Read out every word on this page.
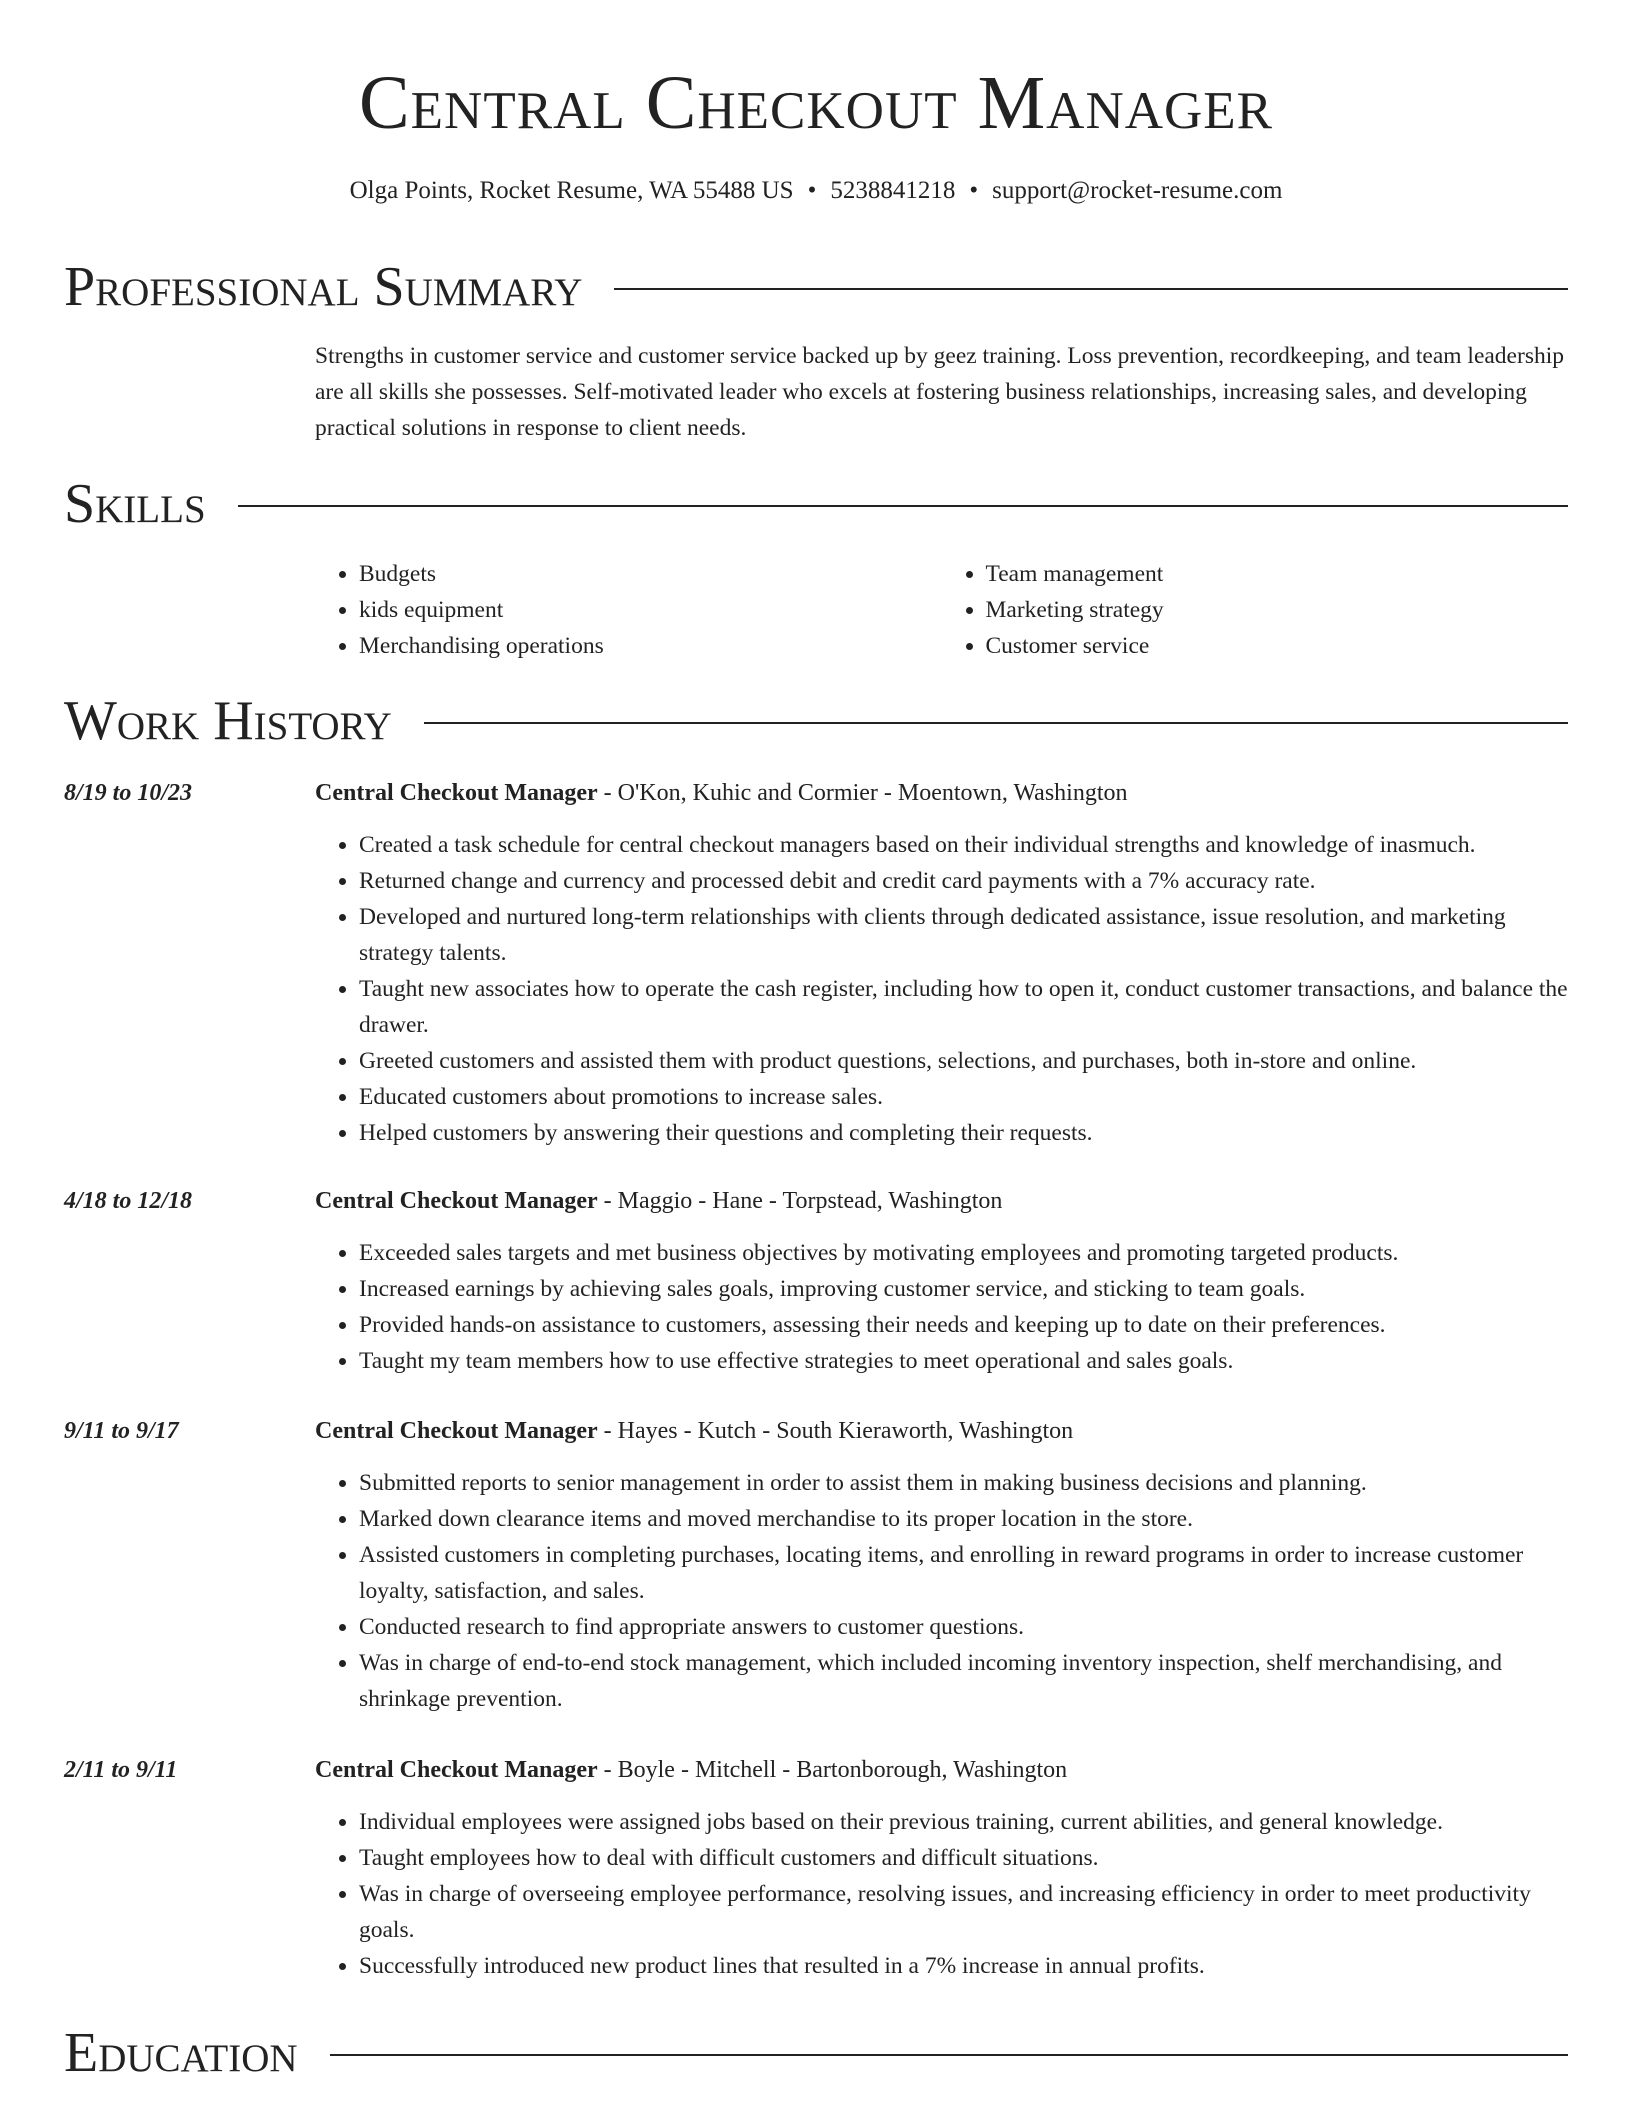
Central Checkout Manager
Olga Points, Rocket Resume, WA 55488 US • 5238841218 • support@rocket-resume.com
Professional Summary
Strengths in customer service and customer service backed up by geez training. Loss prevention, recordkeeping, and team leadership are all skills she possesses. Self-motivated leader who excels at fostering business relationships, increasing sales, and developing practical solutions in response to client needs.
Skills
• Budgets
• kids equipment
• Merchandising operations
• Team management
• Marketing strategy
• Customer service
Work History
8/19 to 10/23	Central Checkout Manager - O'Kon, Kuhic and Cormier - Moentown, Washington
• Created a task schedule for central checkout managers based on their individual strengths and knowledge of inasmuch.
• Returned change and currency and processed debit and credit card payments with a 7% accuracy rate.
• Developed and nurtured long-term relationships with clients through dedicated assistance, issue resolution, and marketing strategy talents.
• Taught new associates how to operate the cash register, including how to open it, conduct customer transactions, and balance the drawer.
• Greeted customers and assisted them with product questions, selections, and purchases, both in-store and online.
• Educated customers about promotions to increase sales.
• Helped customers by answering their questions and completing their requests.
4/18 to 12/18	Central Checkout Manager - Maggio - Hane - Torpstead, Washington
• Exceeded sales targets and met business objectives by motivating employees and promoting targeted products.
• Increased earnings by achieving sales goals, improving customer service, and sticking to team goals.
• Provided hands-on assistance to customers, assessing their needs and keeping up to date on their preferences.
• Taught my team members how to use effective strategies to meet operational and sales goals.
9/11 to 9/17	Central Checkout Manager - Hayes - Kutch - South Kieraworth, Washington
• Submitted reports to senior management in order to assist them in making business decisions and planning.
• Marked down clearance items and moved merchandise to its proper location in the store.
• Assisted customers in completing purchases, locating items, and enrolling in reward programs in order to increase customer loyalty, satisfaction, and sales.
• Conducted research to find appropriate answers to customer questions.
• Was in charge of end-to-end stock management, which included incoming inventory inspection, shelf merchandising, and shrinkage prevention.
2/11 to 9/11	Central Checkout Manager - Boyle - Mitchell - Bartonborough, Washington
• Individual employees were assigned jobs based on their previous training, current abilities, and general knowledge.
• Taught employees how to deal with difficult customers and difficult situations.
• Was in charge of overseeing employee performance, resolving issues, and increasing efficiency in order to meet productivity goals.
• Successfully introduced new product lines that resulted in a 7% increase in annual profits.
Education
